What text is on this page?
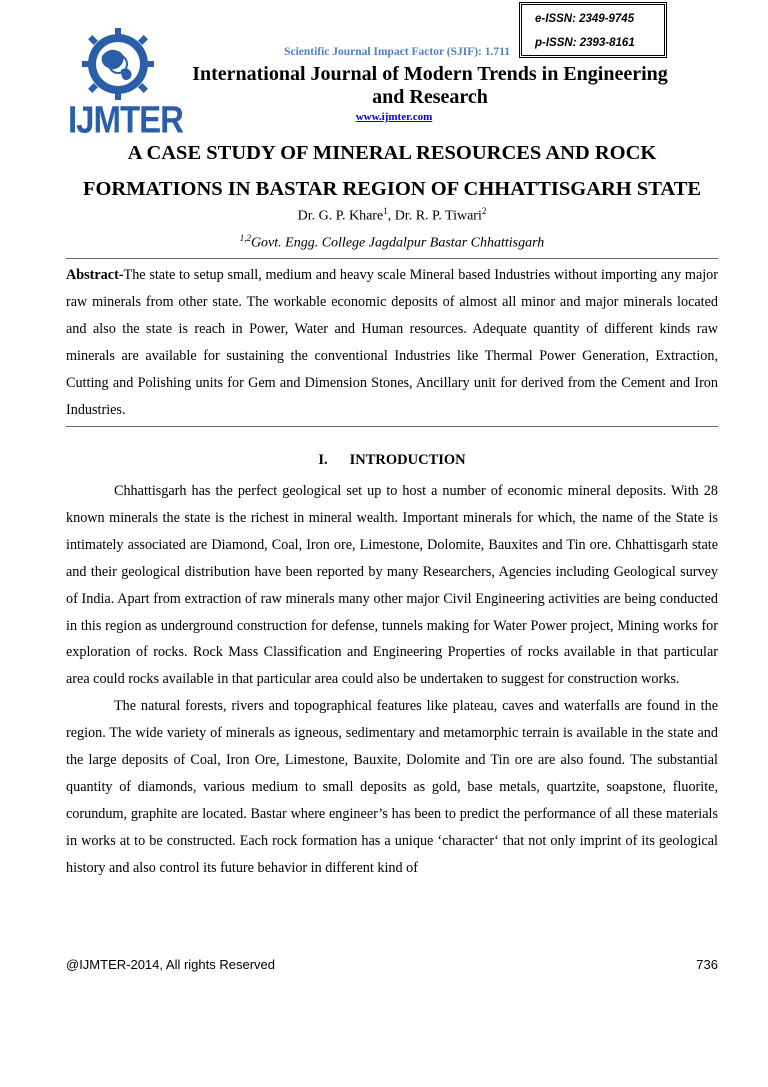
IJMTER
e-ISSN: 2349-9745
p-ISSN: 2393-8161
Scientific Journal Impact Factor (SJIF): 1.711
International Journal of Modern Trends in Engineering
and Research
www.ijmter.com
A CASE STUDY OF MINERAL RESOURCES AND ROCK
FORMATIONS IN BASTAR REGION OF CHHATTISGARH STATE
Dr. G. P. Khare$^1$, Dr. R. P. Tiwari$^2$
$^{1,2}$Govt. Engg. College Jagdalpur Bastar Chhattisgarh
Abstract-The state to setup small, medium and heavy scale Mineral based Industries without importing any major raw minerals from other state. The workable economic deposits of almost all minor and major minerals located and also the state is reach in Power, Water and Human resources. Adequate quantity of different kinds raw minerals are available for sustaining the conventional Industries like Thermal Power Generation, Extraction, Cutting and Polishing units for Gem and Dimension Stones, Ancillary unit for derived from the Cement and Iron Industries.
I. INTRODUCTION

Chhattisgarh has the perfect geological set up to host a number of economic mineral deposits. With 28 known minerals the state is the richest in mineral wealth. Important minerals for which, the name of the State is intimately associated are Diamond, Coal, Iron ore, Limestone, Dolomite, Bauxites and Tin ore. Chhattisgarh state and their geological distribution have been reported by many Researchers, Agencies including Geological survey of India. Apart from extraction of raw minerals many other major Civil Engineering activities are being conducted in this region as underground construction for defense, tunnels making for Water Power project, Mining works for exploration of rocks. Rock Mass Classification and Engineering Properties of rocks available in that particular area could rocks available in that particular area could also be undertaken to suggest for construction works.

The natural forests, rivers and topographical features like plateau, caves and waterfalls are found in the region. The wide variety of minerals as igneous, sedimentary and metamorphic terrain is available in the state and the large deposits of Coal, Iron Ore, Limestone, Bauxite, Dolomite and Tin ore are also found. The substantial quantity of diamonds, various medium to small deposits as gold, base metals, quartzite, soapstone, fluorite, corundum, graphite are located. Bastar where engineer’s has been to predict the performance of all these materials in works at to be constructed. Each rock formation has a unique ‘character‘ that not only imprint of its geological history and also control its future behavior in different kind of

@IJMTER-2014, All rights Reserved	736
